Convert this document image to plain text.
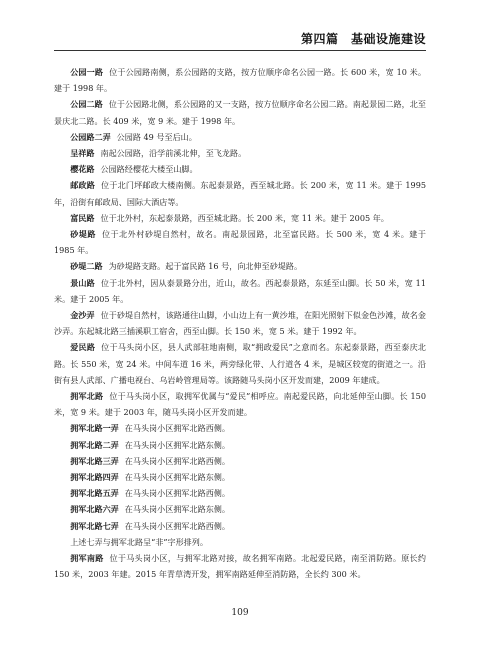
第四篇　基础设施建设

公园一路 位于公园路南侧，系公园路的支路，按方位顺序命名公园一路。长 600 米，宽 10 米。建于 1998 年。

公园二路 位于公园路北侧，系公园路的又一支路，按方位顺序命名公园二路。南起景园二路，北至景庆北二路。长 409 米，宽 9 米。建于 1998 年。

公园路二弄 公园路 49 号至后山。

呈祥路 南起公园路，沿学前溪北伸，至飞龙路。

樱花路 公园路经樱花大楼至山脚。

邮政路 位于北门坪邮政大楼南侧。东起泰景路，西至城北路。长 200 米，宽 11 米。建于 1995 年，沿街有邮政局、国际大酒店等。

富民路 位于北外村，东起泰景路，西至城北路。长 200 米，宽 11 米。建于 2005 年。

砂堤路 位于北外村砂堤自然村，故名。南起景园路，北至富民路。长 500 米，宽 4 米。建于 1985 年。

砂堤二路 为砂堤路支路。起于富民路 16 号，向北伸至砂堤路。

景山路 位于北外村，因从泰景路分出，近山，故名。西起泰景路，东延至山脚。长 50 米，宽 11 米。建于 2005 年。

金沙弄 位于砂堤自然村，该路通往山脚，小山边上有一黄沙堆，在阳光照射下似金色沙滩，故名金沙弄。东起城北路三插溪职工宿舍，西至山脚。长 150 米，宽 5 米。建于 1992 年。

爱民路 位于马头岗小区，县人武部驻地南侧，取“拥政爱民”之意而名。东起泰景路，西至泰庆北路。长 550 米，宽 24 米。中间车道 16 米，两旁绿化带、人行道各 4 米，是城区较宽的街道之一。沿街有县人武部、广播电视台、乌岩岭管理局等。该路随马头岗小区开发而建，2009 年建成。

拥军北路 位于马头岗小区，取拥军优属与“爱民”相呼应。南起爱民路，向北延伸至山脚。长 150 米，宽 9 米。建于 2003 年，随马头岗小区开发而建。

拥军北路一弄 在马头岗小区拥军北路西侧。

拥军北路二弄 在马头岗小区拥军北路东侧。

拥军北路三弄 在马头岗小区拥军北路西侧。

拥军北路四弄 在马头岗小区拥军北路东侧。

拥军北路五弄 在马头岗小区拥军北路西侧。

拥军北路六弄 在马头岗小区拥军北路东侧。

拥军北路七弄 在马头岗小区拥军北路西侧。

上述七弄与拥军北路呈“非”字形排列。

拥军南路 位于马头岗小区，与拥军北路对接，故名拥军南路。北起爱民路，南至消防路。原长约 150 米，2003 年建。2015 年青草湾开发，拥军南路延伸至消防路，全长约 300 米。

109
